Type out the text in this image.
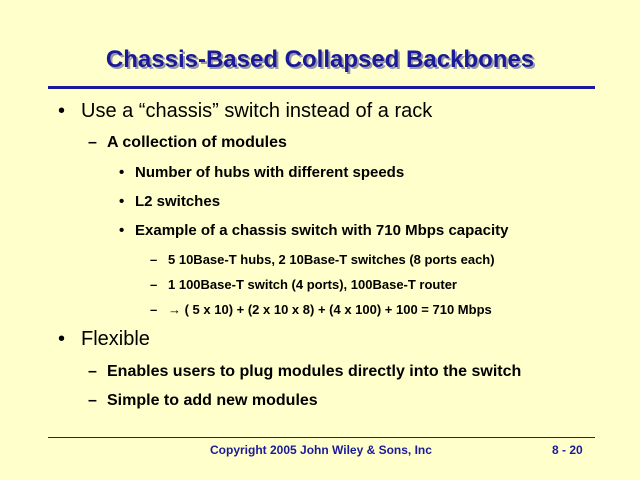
Chassis-Based Collapsed Backbones
• Use a “chassis” switch instead of a rack
– A collection of modules
• Number of hubs with different speeds
• L2 switches
• Example of a chassis switch with 710 Mbps capacity
– 5 10Base-T hubs, 2 10Base-T switches (8 ports each)
– 1 100Base-T switch (4 ports), 100Base-T router
– → ( 5 x 10) + (2 x 10 x 8) + (4 x 100) + 100 = 710 Mbps
• Flexible
– Enables users to plug modules directly into the switch
– Simple to add new modules
Copyright 2005 John Wiley & Sons, Inc	8 - 20
